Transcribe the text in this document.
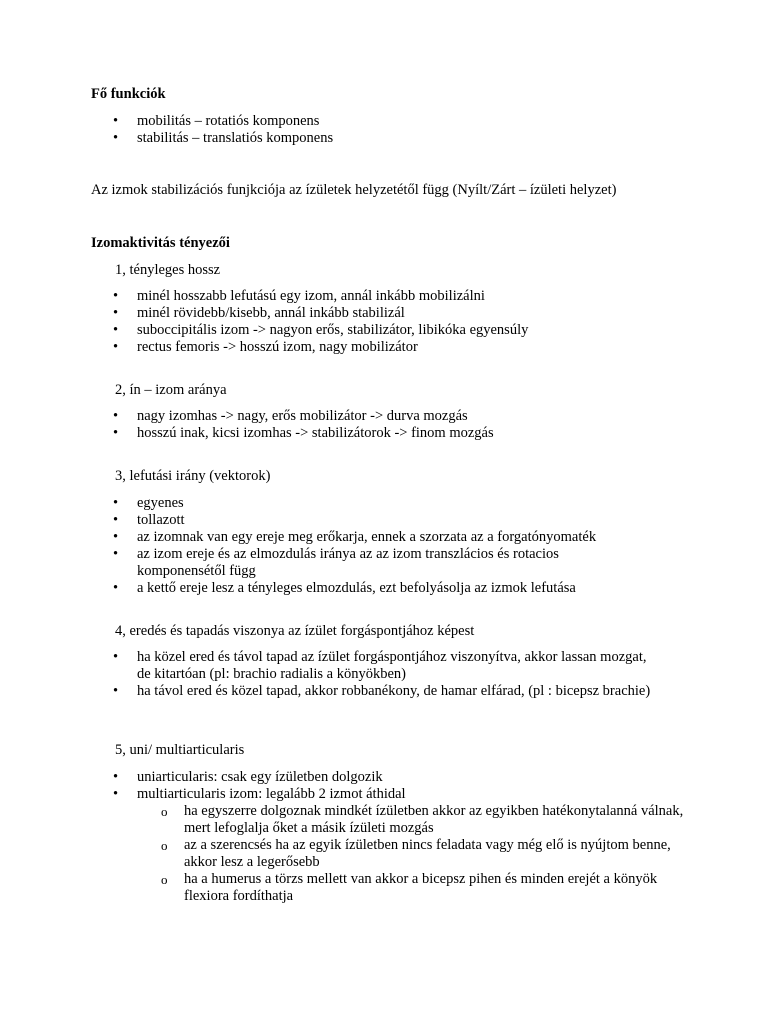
Fő funkciók
• mobilitás – rotatiós komponens
• stabilitás – translatiós komponens
Az izmok stabilizációs funjkciója az ízületek helyzetétől függ (Nyílt/Zárt – ízületi helyzet)
Izomaktivitás tényezői
1, tényleges hossz
• minél hosszabb lefutású egy izom, annál inkább mobilizálni
• minél rövidebb/kisebb, annál inkább stabilizál
• suboccipitális izom -> nagyon erős, stabilizátor, libikóka egyensúly
• rectus femoris -> hosszú izom, nagy mobilizátor
2, ín – izom aránya
• nagy izomhas -> nagy, erős mobilizátor -> durva mozgás
• hosszú inak, kicsi izomhas -> stabilizátorok -> finom mozgás
3, lefutási irány (vektorok)
• egyenes
• tollazott
• az izomnak van egy ereje meg erőkarja, ennek a szorzata az a forgatónyomaték
• az izom ereje és az elmozdulás iránya az az izom transzlácios és rotacios komponensétől függ
• a kettő ereje lesz a tényleges elmozdulás, ezt befolyásolja az izmok lefutása
4, eredés és tapadás viszonya az ízület forgáspontjához képest
• ha közel ered és távol tapad az ízület forgáspontjához viszonyítva, akkor lassan mozgat, de kitartóan (pl: brachio radialis a könyökben)
• ha távol ered és közel tapad, akkor robbanékony, de hamar elfárad, (pl : bicepsz brachie)
5, uni/ multiarticularis
• uniarticularis: csak egy ízületben dolgozik
• multiarticularis izom: legalább 2 izmot áthidal
o ha egyszerre dolgoznak mindkét ízületben akkor az egyikben hatékonytalanná válnak, mert lefoglalja őket a másik ízületi mozgás
o az a szerencsés ha az egyik ízületben nincs feladata vagy még elő is nyújtom benne, akkor lesz a legerősebb
o ha a humerus a törzs mellett van akkor a bicepsz pihen és minden erejét a könyök flexiora fordíthatja
